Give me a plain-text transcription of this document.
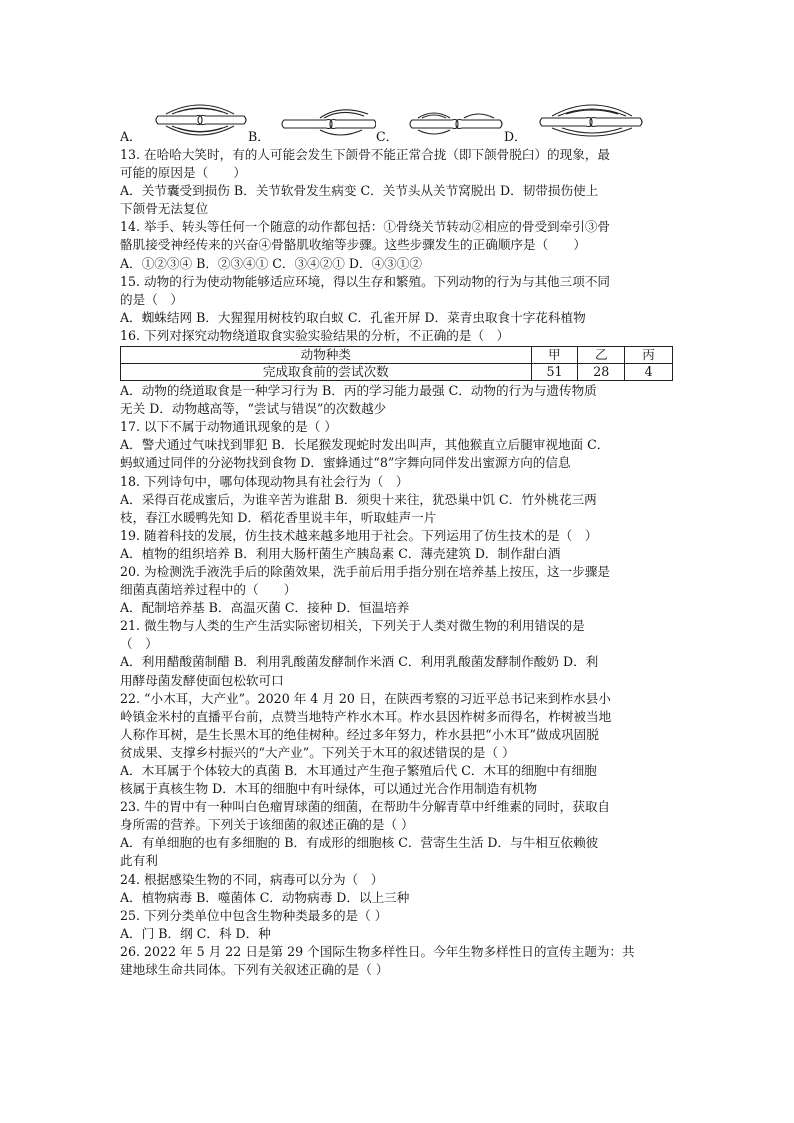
A．	B．	C．	D．
13. 在哈哈大笑时，有的人可能会发生下颌骨不能正常合拢（即下颌骨脱臼）的现象，最
可能的原因是（　　）
A．关节囊受到损伤 B．关节软骨发生病变 C．关节头从关节窝脱出 D．韧带损伤使上
下颌骨无法复位
14. 举手、转头等任何一个随意的动作都包括：①骨绕关节转动②相应的骨受到牵引③骨
骼肌接受神经传来的兴奋④骨骼肌收缩等步骤。这些步骤发生的正确顺序是（　　）
A．①②③④ B．②③④① C．③④②① D．④③①②
15. 动物的行为使动物能够适应环境，得以生存和繁殖。下列动物的行为与其他三项不同
的是（　）
A．蜘蛛结网 B．大猩猩用树枝钓取白蚁 C．孔雀开屏 D．菜青虫取食十字花科植物
16. 下列对探究动物绕道取食实验实验结果的分析，不正确的是（　）
动物种类	甲	乙	丙
完成取食前的尝试次数	51	28	4
A．动物的绕道取食是一种学习行为 B．丙的学习能力最强 C．动物的行为与遗传物质
无关 D．动物越高等，“尝试与错误”的次数越少
17. 以下不属于动物通讯现象的是（ ）
A．警犬通过气味找到罪犯 B．长尾猴发现蛇时发出叫声，其他猴直立后腿审视地面 C．
蚂蚁通过同伴的分泌物找到食物 D．蜜蜂通过“8”字舞向同伴发出蜜源方向的信息
18. 下列诗句中，哪句体现动物具有社会行为（　）
A．采得百花成蜜后，为谁辛苦为谁甜 B．须臾十来往，犹恐巢中饥 C．竹外桃花三两
枝，春江水暖鸭先知 D．稻花香里说丰年，听取蛙声一片
19. 随着科技的发展，仿生技术越来越多地用于社会。下列运用了仿生技术的是（　）
A．植物的组织培养 B．利用大肠杆菌生产胰岛素 C．薄壳建筑 D．制作甜白酒
20. 为检测洗手液洗手后的除菌效果，洗手前后用手指分别在培养基上按压，这一步骤是
细菌真菌培养过程中的（　　）
A．配制培养基 B．高温灭菌 C．接种 D．恒温培养
21. 微生物与人类的生产生活实际密切相关，下列关于人类对微生物的利用错误的是
（　）
A．利用醋酸菌制醋 B．利用乳酸菌发酵制作米酒 C．利用乳酸菌发酵制作酸奶 D．利
用酵母菌发酵使面包松软可口
22. “小木耳，大产业”。2020 年 4 月 20 日，在陕西考察的习近平总书记来到柞水县小
岭镇金米村的直播平台前，点赞当地特产柞水木耳。柞水县因柞树多而得名，柞树被当地
人称作耳树，是生长黑木耳的绝佳树种。经过多年努力，柞水县把“小木耳”做成巩固脱
贫成果、支撑乡村振兴的“大产业”。下列关于木耳的叙述错误的是（ ）
A．木耳属于个体较大的真菌 B．木耳通过产生孢子繁殖后代 C．木耳的细胞中有细胞
核属于真核生物 D．木耳的细胞中有叶绿体，可以通过光合作用制造有机物
23. 牛的胃中有一种叫白色瘤胃球菌的细菌，在帮助牛分解青草中纤维素的同时，获取自
身所需的营养。下列关于该细菌的叙述正确的是（ ）
A．有单细胞的也有多细胞的 B．有成形的细胞核 C．营寄生生活 D．与牛相互依赖彼
此有利
24. 根据感染生物的不同，病毒可以分为（　）
A．植物病毒 B．噬菌体 C．动物病毒 D．以上三种
25. 下列分类单位中包含生物种类最多的是（ ）
A．门 B．纲 C．科 D．种
26. 2022 年 5 月 22 日是第 29 个国际生物多样性日。今年生物多样性日的宣传主题为：共
建地球生命共同体。下列有关叙述正确的是（ ）
